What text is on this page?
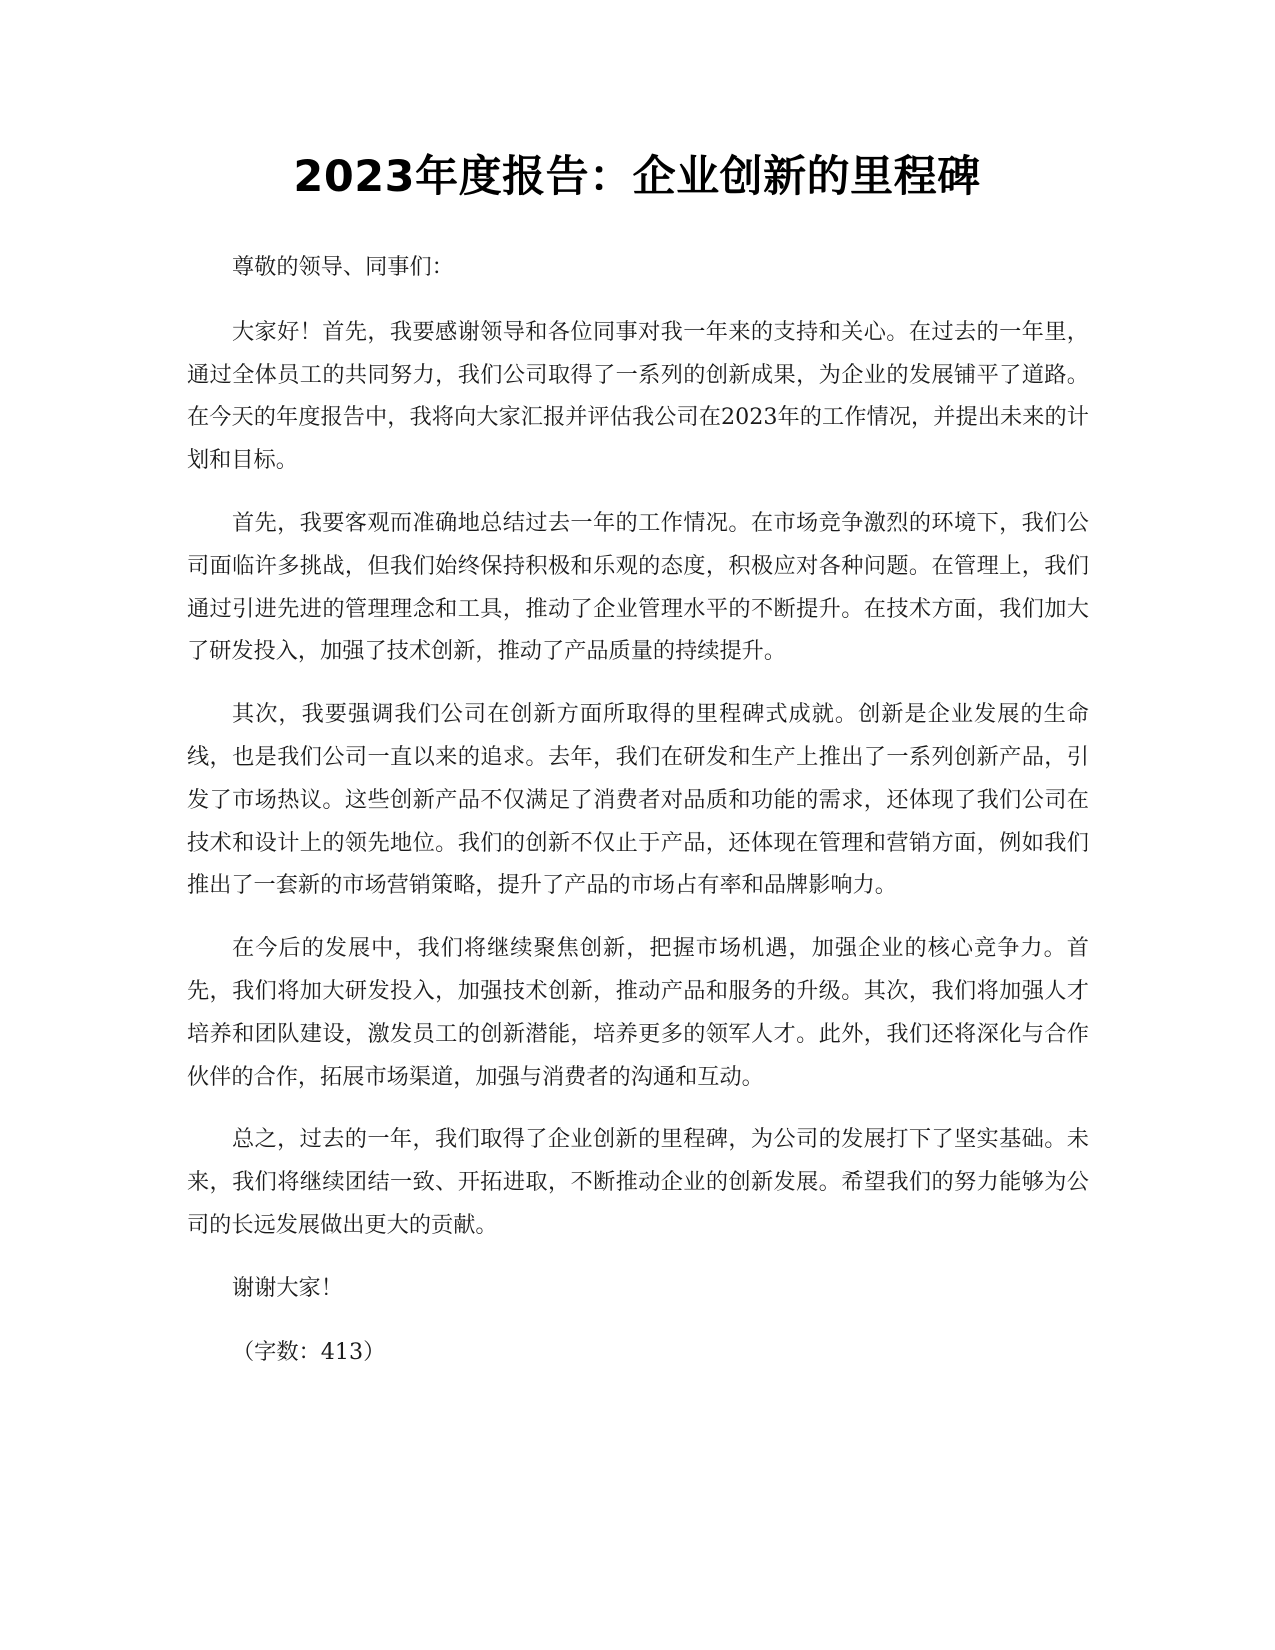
2023年度报告：企业创新的里程碑

尊敬的领导、同事们：

大家好！首先，我要感谢领导和各位同事对我一年来的支持和关心。在过去的一年里，通过全体员工的共同努力，我们公司取得了一系列的创新成果，为企业的发展铺平了道路。在今天的年度报告中，我将向大家汇报并评估我公司在2023年的工作情况，并提出未来的计划和目标。

首先，我要客观而准确地总结过去一年的工作情况。在市场竞争激烈的环境下，我们公司面临许多挑战，但我们始终保持积极和乐观的态度，积极应对各种问题。在管理上，我们通过引进先进的管理理念和工具，推动了企业管理水平的不断提升。在技术方面，我们加大了研发投入，加强了技术创新，推动了产品质量的持续提升。

其次，我要强调我们公司在创新方面所取得的里程碑式成就。创新是企业发展的生命线，也是我们公司一直以来的追求。去年，我们在研发和生产上推出了一系列创新产品，引发了市场热议。这些创新产品不仅满足了消费者对品质和功能的需求，还体现了我们公司在技术和设计上的领先地位。我们的创新不仅止于产品，还体现在管理和营销方面，例如我们推出了一套新的市场营销策略，提升了产品的市场占有率和品牌影响力。

在今后的发展中，我们将继续聚焦创新，把握市场机遇，加强企业的核心竞争力。首先，我们将加大研发投入，加强技术创新，推动产品和服务的升级。其次，我们将加强人才培养和团队建设，激发员工的创新潜能，培养更多的领军人才。此外，我们还将深化与合作伙伴的合作，拓展市场渠道，加强与消费者的沟通和互动。

总之，过去的一年，我们取得了企业创新的里程碑，为公司的发展打下了坚实基础。未来，我们将继续团结一致、开拓进取，不断推动企业的创新发展。希望我们的努力能够为公司的长远发展做出更大的贡献。

谢谢大家！

（字数：413）
